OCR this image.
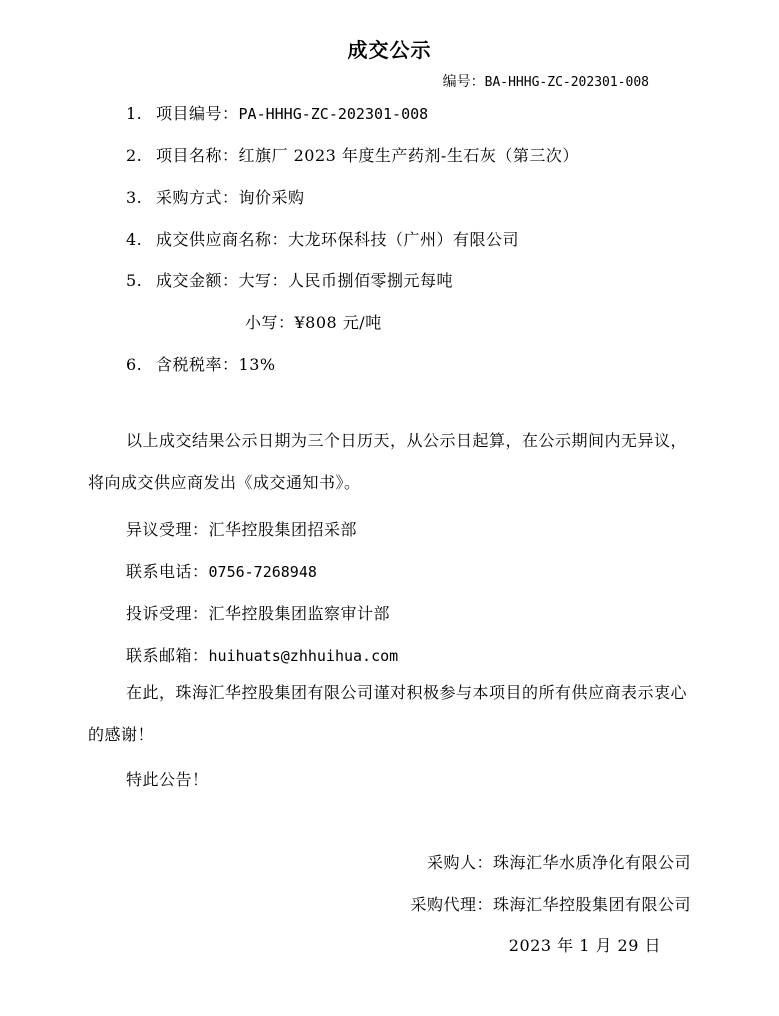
成交公示
编号：BA-HHHG-ZC-202301-008
1. 项目编号：PA-HHHG-ZC-202301-008
2. 项目名称：红旗厂 2023 年度生产药剂-生石灰（第三次）
3. 采购方式：询价采购
4. 成交供应商名称：大龙环保科技（广州）有限公司
5. 成交金额：大写：人民币捌佰零捌元每吨
小写：¥808 元/吨
6. 含税税率：13%
以上成交结果公示日期为三个日历天，从公示日起算，在公示期间内无异议，将向成交供应商发出《成交通知书》。
异议受理：汇华控股集团招采部
联系电话：0756-7268948
投诉受理：汇华控股集团监察审计部
联系邮箱：huihuats@zhhuihua.com
在此，珠海汇华控股集团有限公司谨对积极参与本项目的所有供应商表示衷心的感谢！
特此公告！
采购人：珠海汇华水质净化有限公司
采购代理：珠海汇华控股集团有限公司
2023 年 1 月 29 日
